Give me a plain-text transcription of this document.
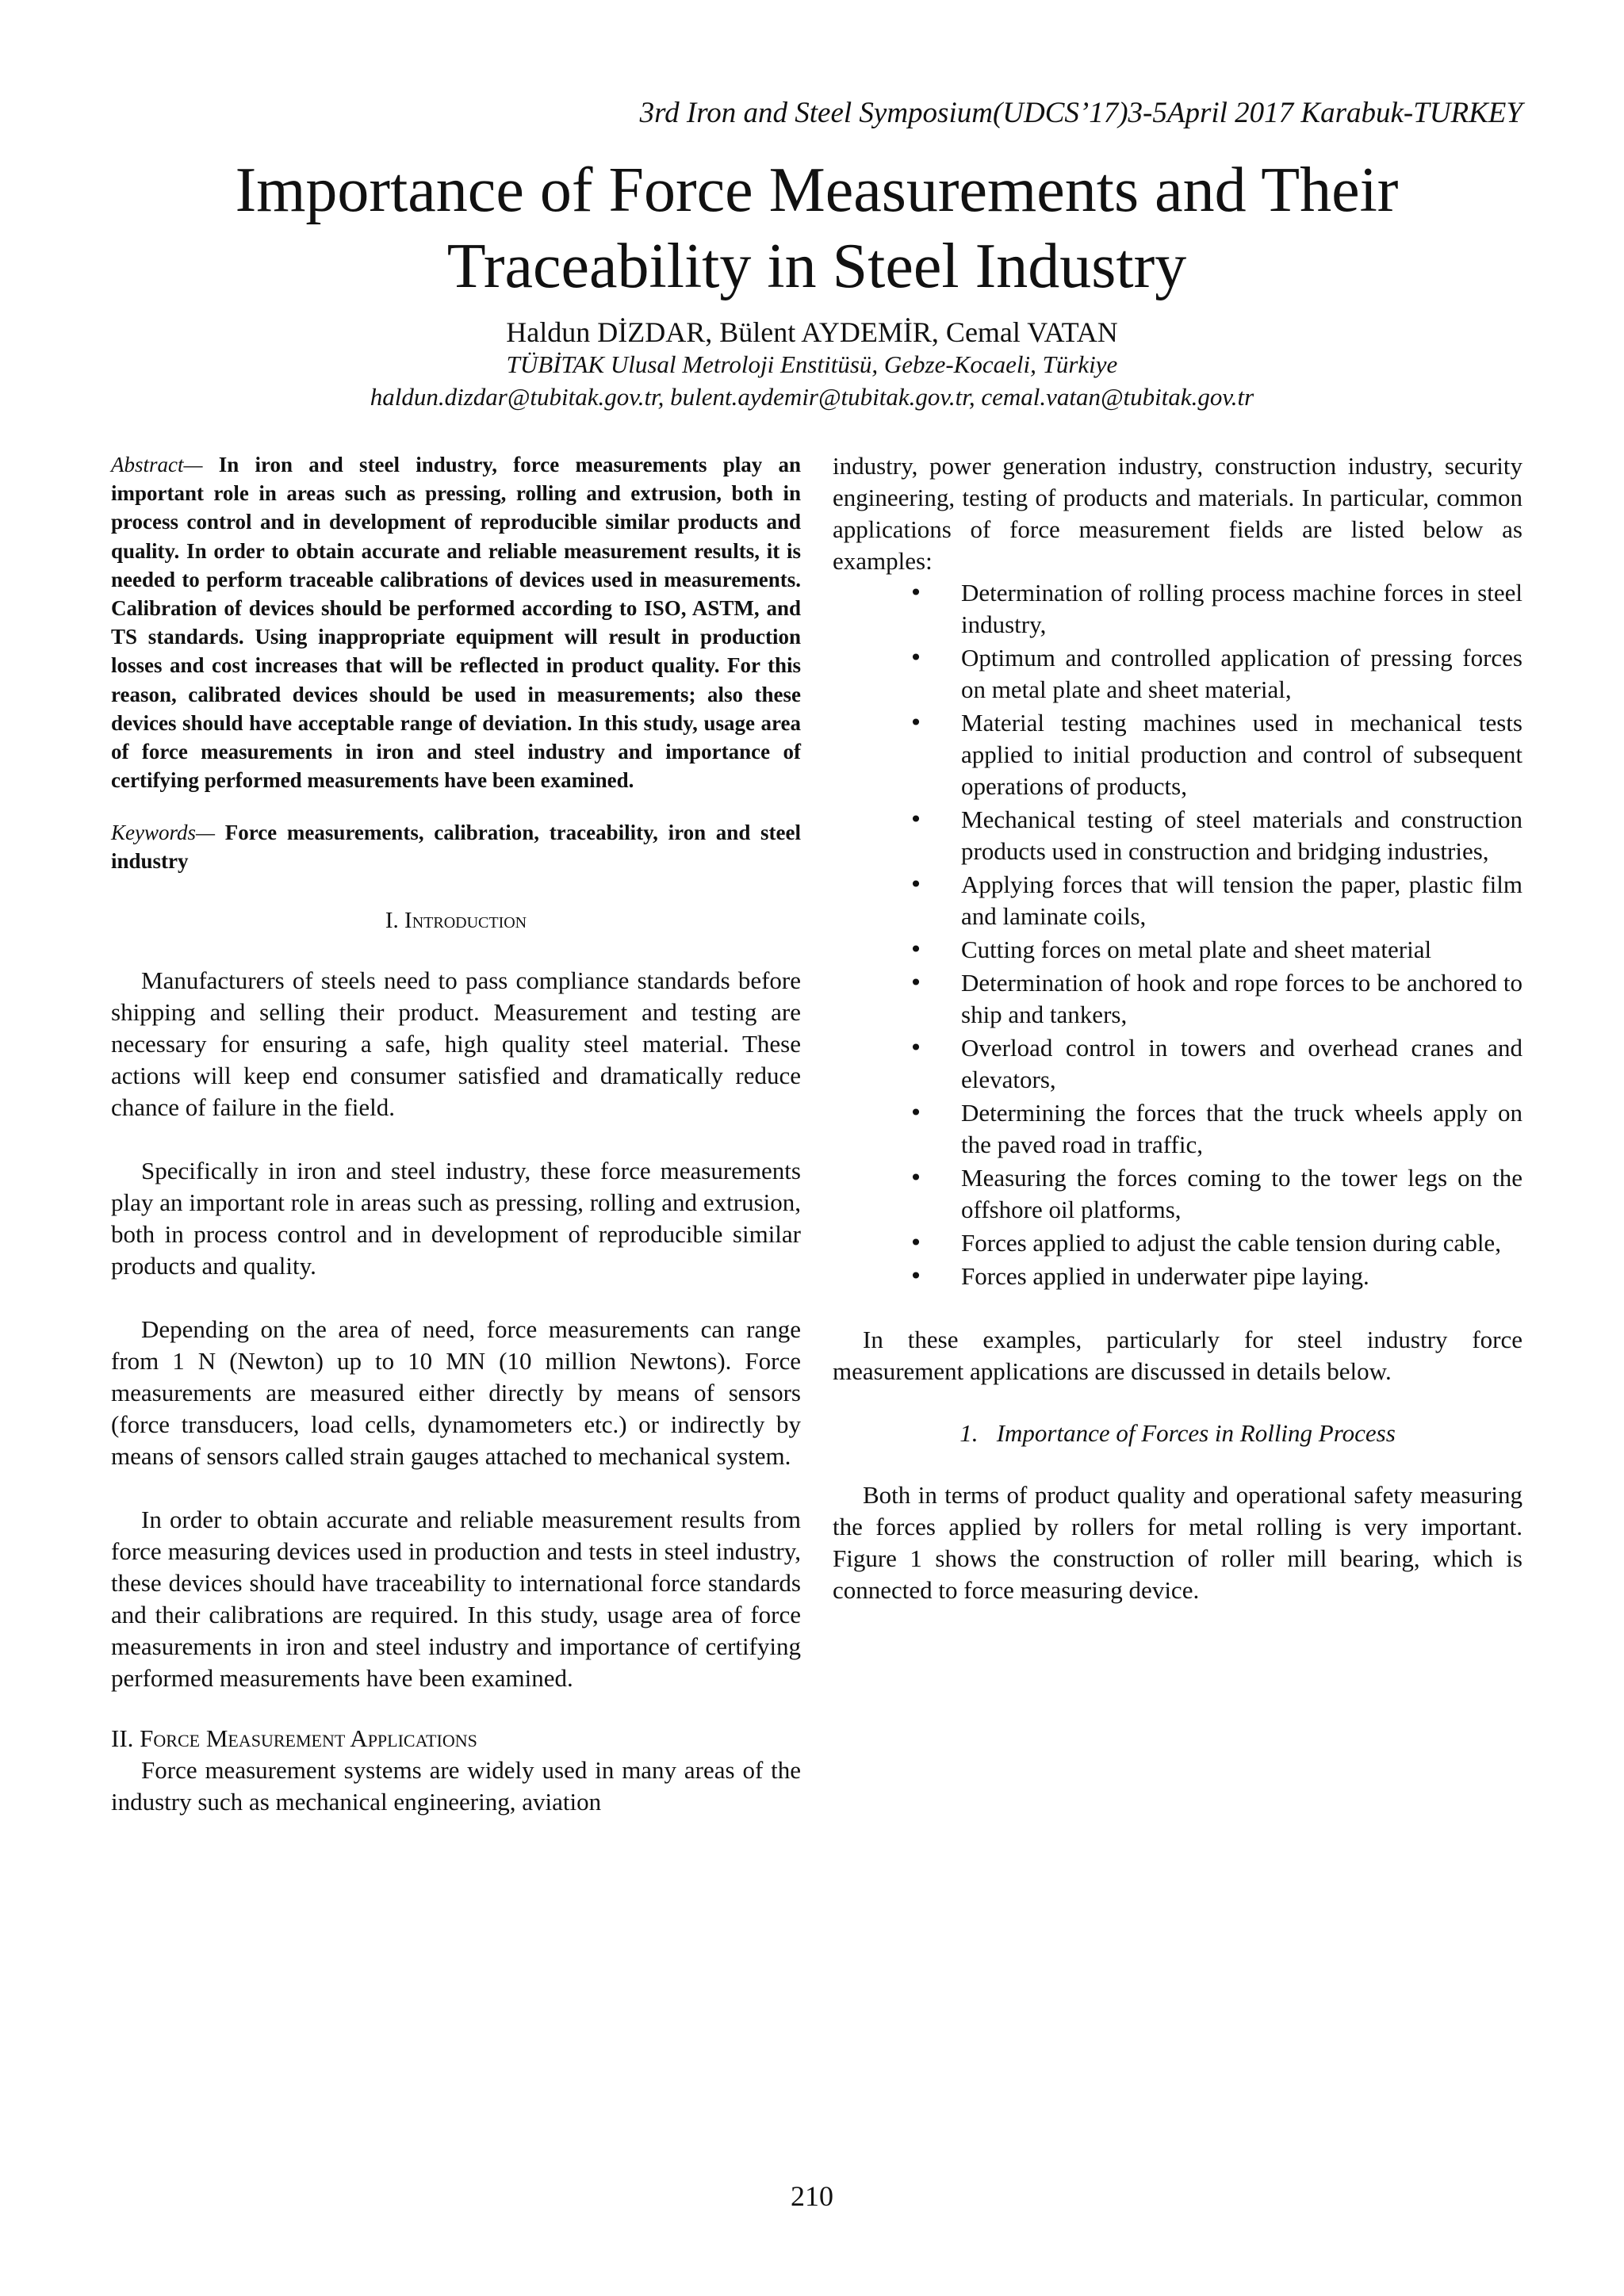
3rd Iron and Steel Symposium(UDCS’17)3-5April 2017 Karabuk-TURKEY
Importance of Force Measurements and Their
Traceability in Steel Industry
Haldun DİZDAR, Bülent AYDEMİR, Cemal VATAN
TÜBİTAK Ulusal Metroloji Enstitüsü, Gebze-Kocaeli, Türkiye
haldun.dizdar@tubitak.gov.tr, bulent.aydemir@tubitak.gov.tr, cemal.vatan@tubitak.gov.tr

Abstract— In iron and steel industry, force measurements play an important role in areas such as pressing, rolling and extrusion, both in process control and in development of reproducible similar products and quality. In order to obtain accurate and reliable measurement results, it is needed to perform traceable calibrations of devices used in measurements. Calibration of devices should be performed according to ISO, ASTM, and TS standards. Using inappropriate equipment will result in production losses and cost increases that will be reflected in product quality. For this reason, calibrated devices should be used in measurements; also these devices should have acceptable range of deviation. In this study, usage area of force measurements in iron and steel industry and importance of certifying performed measurements have been examined.

Keywords— Force measurements, calibration, traceability, iron and steel industry

I. Introduction

Manufacturers of steels need to pass compliance standards before shipping and selling their product. Measurement and testing are necessary for ensuring a safe, high quality steel material. These actions will keep end consumer satisfied and dramatically reduce chance of failure in the field.

Specifically in iron and steel industry, these force measurements play an important role in areas such as pressing, rolling and extrusion, both in process control and in development of reproducible similar products and quality.

Depending on the area of need, force measurements can range from 1 N (Newton) up to 10 MN (10 million Newtons). Force measurements are measured either directly by means of sensors (force transducers, load cells, dynamometers etc.) or indirectly by means of sensors called strain gauges attached to mechanical system.

In order to obtain accurate and reliable measurement results from force measuring devices used in production and tests in steel industry, these devices should have traceability to international force standards and their calibrations are required. In this study, usage area of force measurements in iron and steel industry and importance of certifying performed measurements have been examined.

II. Force Measurement Applications

Force measurement systems are widely used in many areas of the industry such as mechanical engineering, aviation

industry, power generation industry, construction industry, security engineering, testing of products and materials. In particular, common applications of force measurement fields are listed below as examples:

• Determination of rolling process machine forces in steel industry,
• Optimum and controlled application of pressing forces on metal plate and sheet material,
• Material testing machines used in mechanical tests applied to initial production and control of subsequent operations of products,
• Mechanical testing of steel materials and construction products used in construction and bridging industries,
• Applying forces that will tension the paper, plastic film and laminate coils,
• Cutting forces on metal plate and sheet material
• Determination of hook and rope forces to be anchored to ship and tankers,
• Overload control in towers and overhead cranes and elevators,
• Determining the forces that the truck wheels apply on the paved road in traffic,
• Measuring the forces coming to the tower legs on the offshore oil platforms,
• Forces applied to adjust the cable tension during cable,
• Forces applied in underwater pipe laying.

In these examples, particularly for steel industry force measurement applications are discussed in details below.

1. Importance of Forces in Rolling Process

Both in terms of product quality and operational safety measuring the forces applied by rollers for metal rolling is very important. Figure 1 shows the construction of roller mill bearing, which is connected to force measuring device.

210
